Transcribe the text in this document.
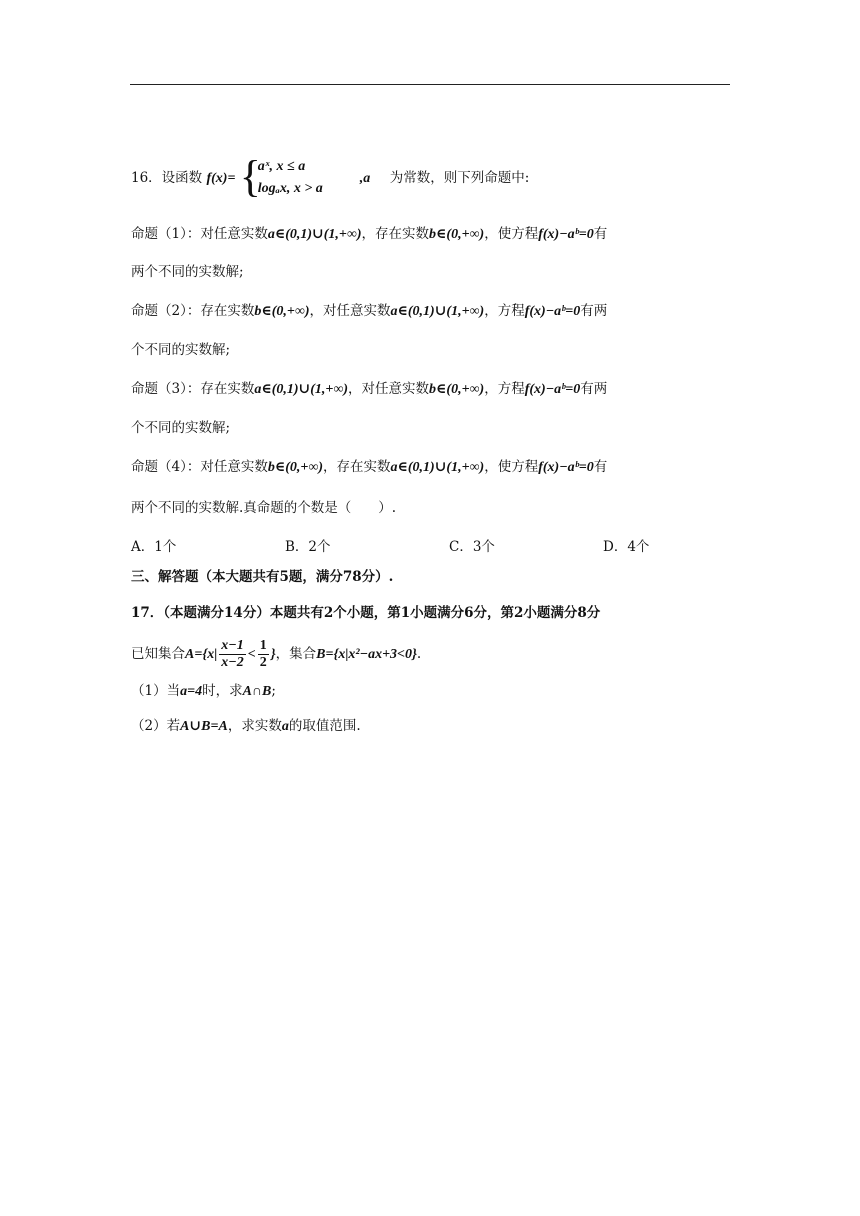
16．设函数 f(x)= {
aˣ, x ≤ a
logₐx, x > a
,a 为常数，则下列命题中:
命题（1）：对任意实数a∈(0,1)∪(1,+∞)，存在实数b∈(0,+∞)，使方程f(x)−aᵇ=0有
两个不同的实数解;
命题（2）：存在实数b∈(0,+∞)，对任意实数a∈(0,1)∪(1,+∞)，方程f(x)−aᵇ=0有两
个不同的实数解;
命题（3）：存在实数a∈(0,1)∪(1,+∞)，对任意实数b∈(0,+∞)，方程f(x)−aᵇ=0有两
个不同的实数解;
命题（4）：对任意实数b∈(0,+∞)，存在实数a∈(0,1)∪(1,+∞)，使方程f(x)−aᵇ=0有
两个不同的实数解.真命题的个数是（　　）.
A．1个	B．2个	C．3个	D．4个
三、解答题（本大题共有5题，满分78分）.
17．（本题满分14分）本题共有2个小题，第1小题满分6分，第2小题满分8分
已知集合$A=\{x| \frac{x-1}{x-2} < \frac{1}{2}$ }，集合B={x|x²−ax+3<0}.
（1）当a=4时，求A∩B;
（2）若A∪B=A，求实数a的取值范围.
